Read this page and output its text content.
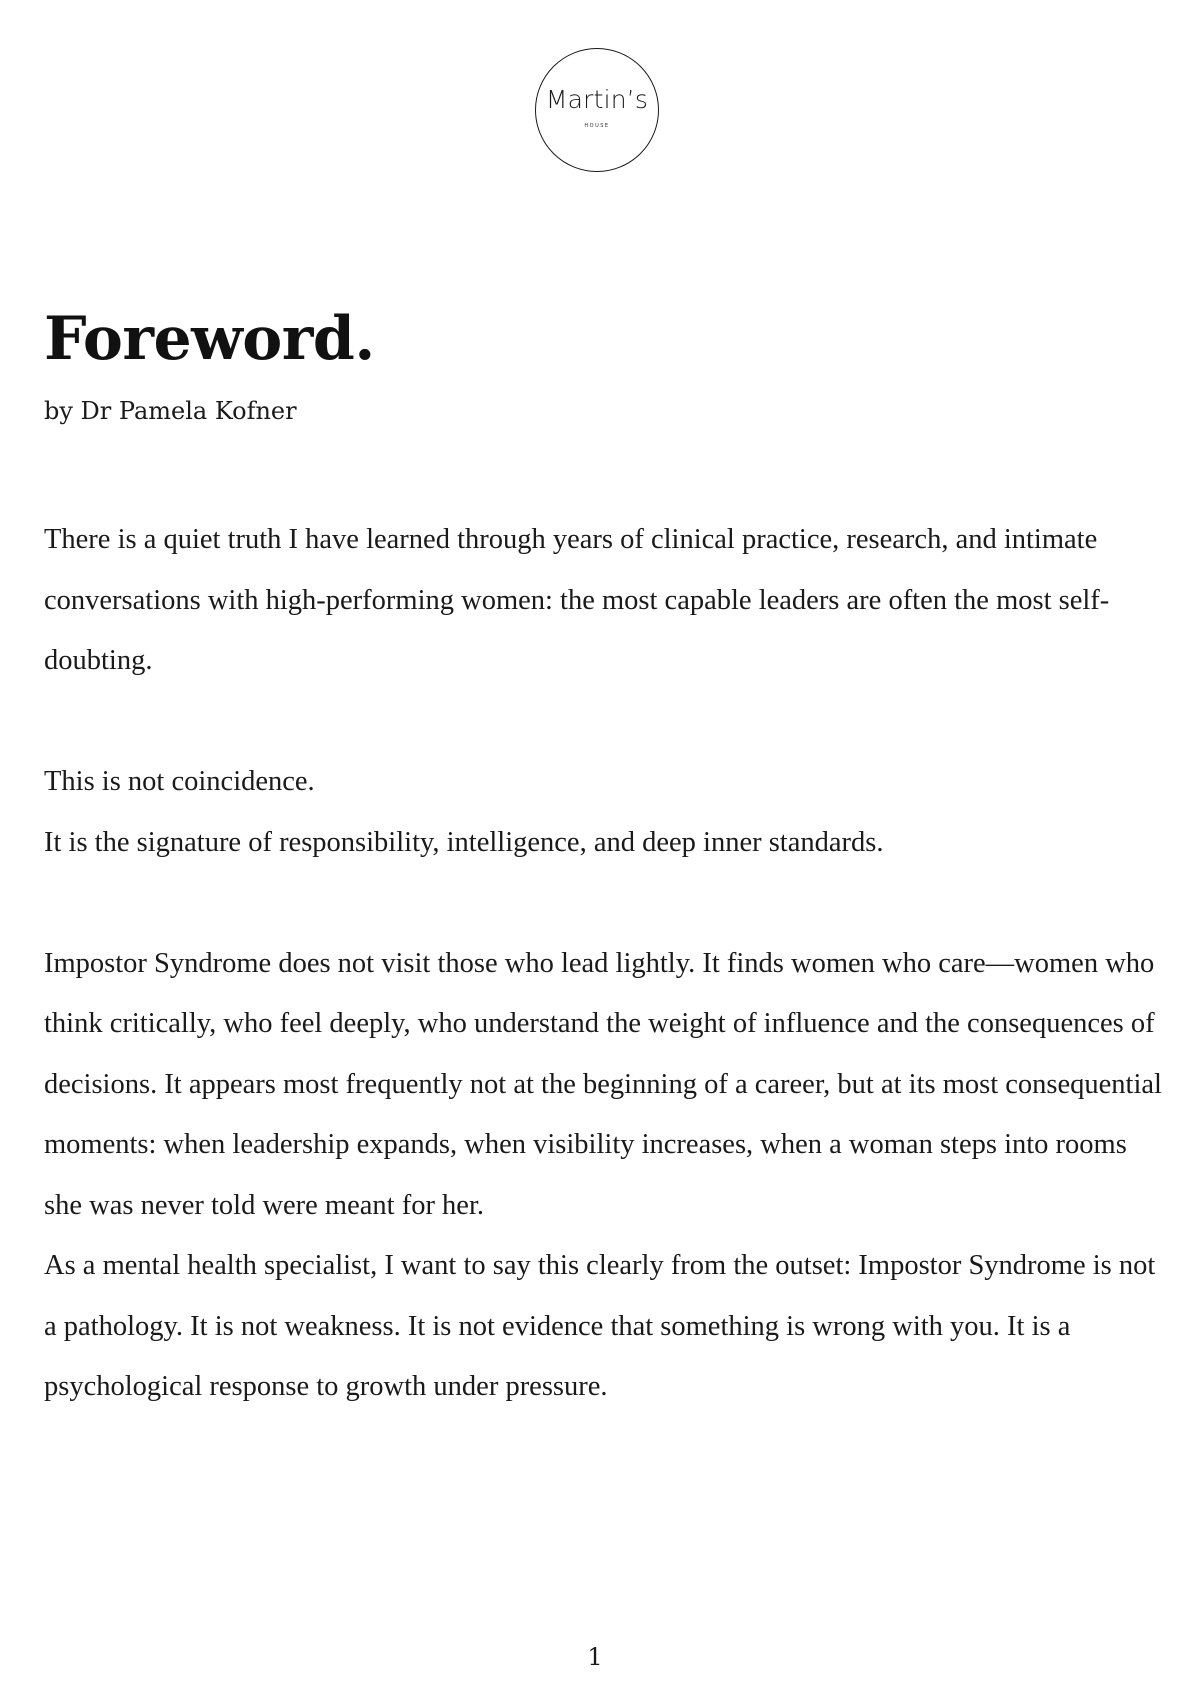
Martin’s
HOUSE
Foreword.
by Dr Pamela Kofner

There is a quiet truth I have learned through years of clinical practice, research, and intimate conversations with high-performing women: the most capable leaders are often the most self-doubting.

This is not coincidence.

It is the signature of responsibility, intelligence, and deep inner standards.

Impostor Syndrome does not visit those who lead lightly. It finds women who care—women who think critically, who feel deeply, who understand the weight of influence and the consequences of decisions. It appears most frequently not at the beginning of a career, but at its most consequential moments: when leadership expands, when visibility increases, when a woman steps into rooms she was never told were meant for her.

As a mental health specialist, I want to say this clearly from the outset: Impostor Syndrome is not a pathology. It is not weakness. It is not evidence that something is wrong with you. It is a psychological response to growth under pressure.

1
